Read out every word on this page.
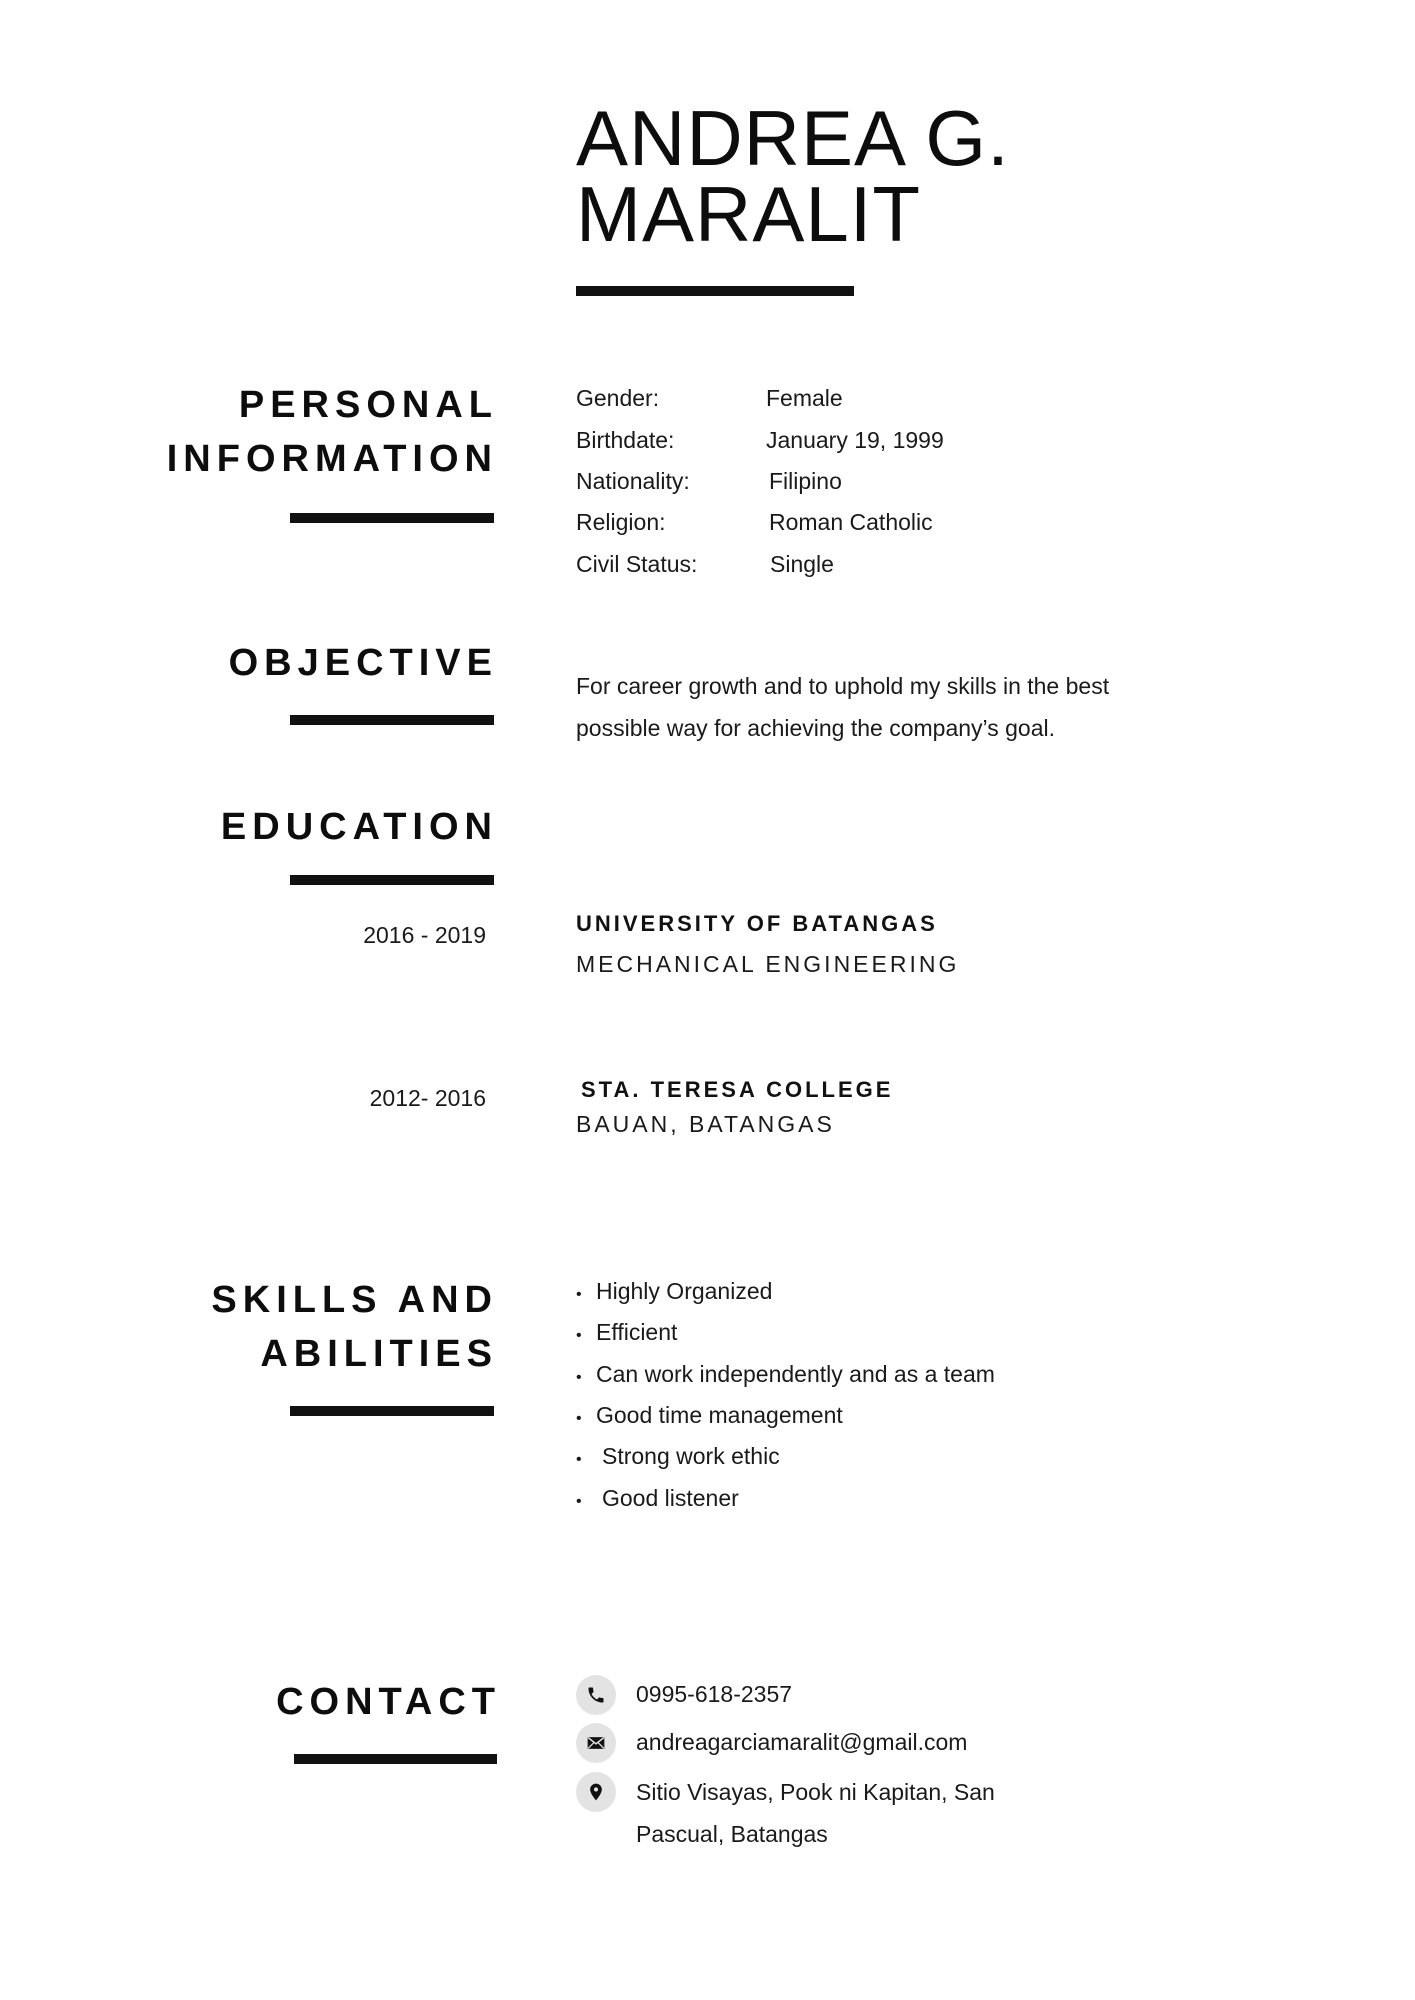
ANDREA G.
MARALIT
PERSONAL
INFORMATION
Gender:	Female
Birthdate:	January 19, 1999
Nationality:	Filipino
Religion:	Roman Catholic
Civil Status:	Single
OBJECTIVE
For career growth and to uphold my skills in the best
possible way for achieving the company’s goal.
EDUCATION
2016 - 2019	UNIVERSITY OF BATANGAS
MECHANICAL ENGINEERING
2012- 2016	STA. TERESA COLLEGE
BAUAN, BATANGAS
SKILLS AND
ABILITIES
• Highly Organized
• Efficient
• Can work independently and as a team
• Good time management
• Strong work ethic
• Good listener
CONTACT	0995-618-2357
andreagarciamaralit@gmail.com
Sitio Visayas, Pook ni Kapitan, San
Pascual, Batangas
